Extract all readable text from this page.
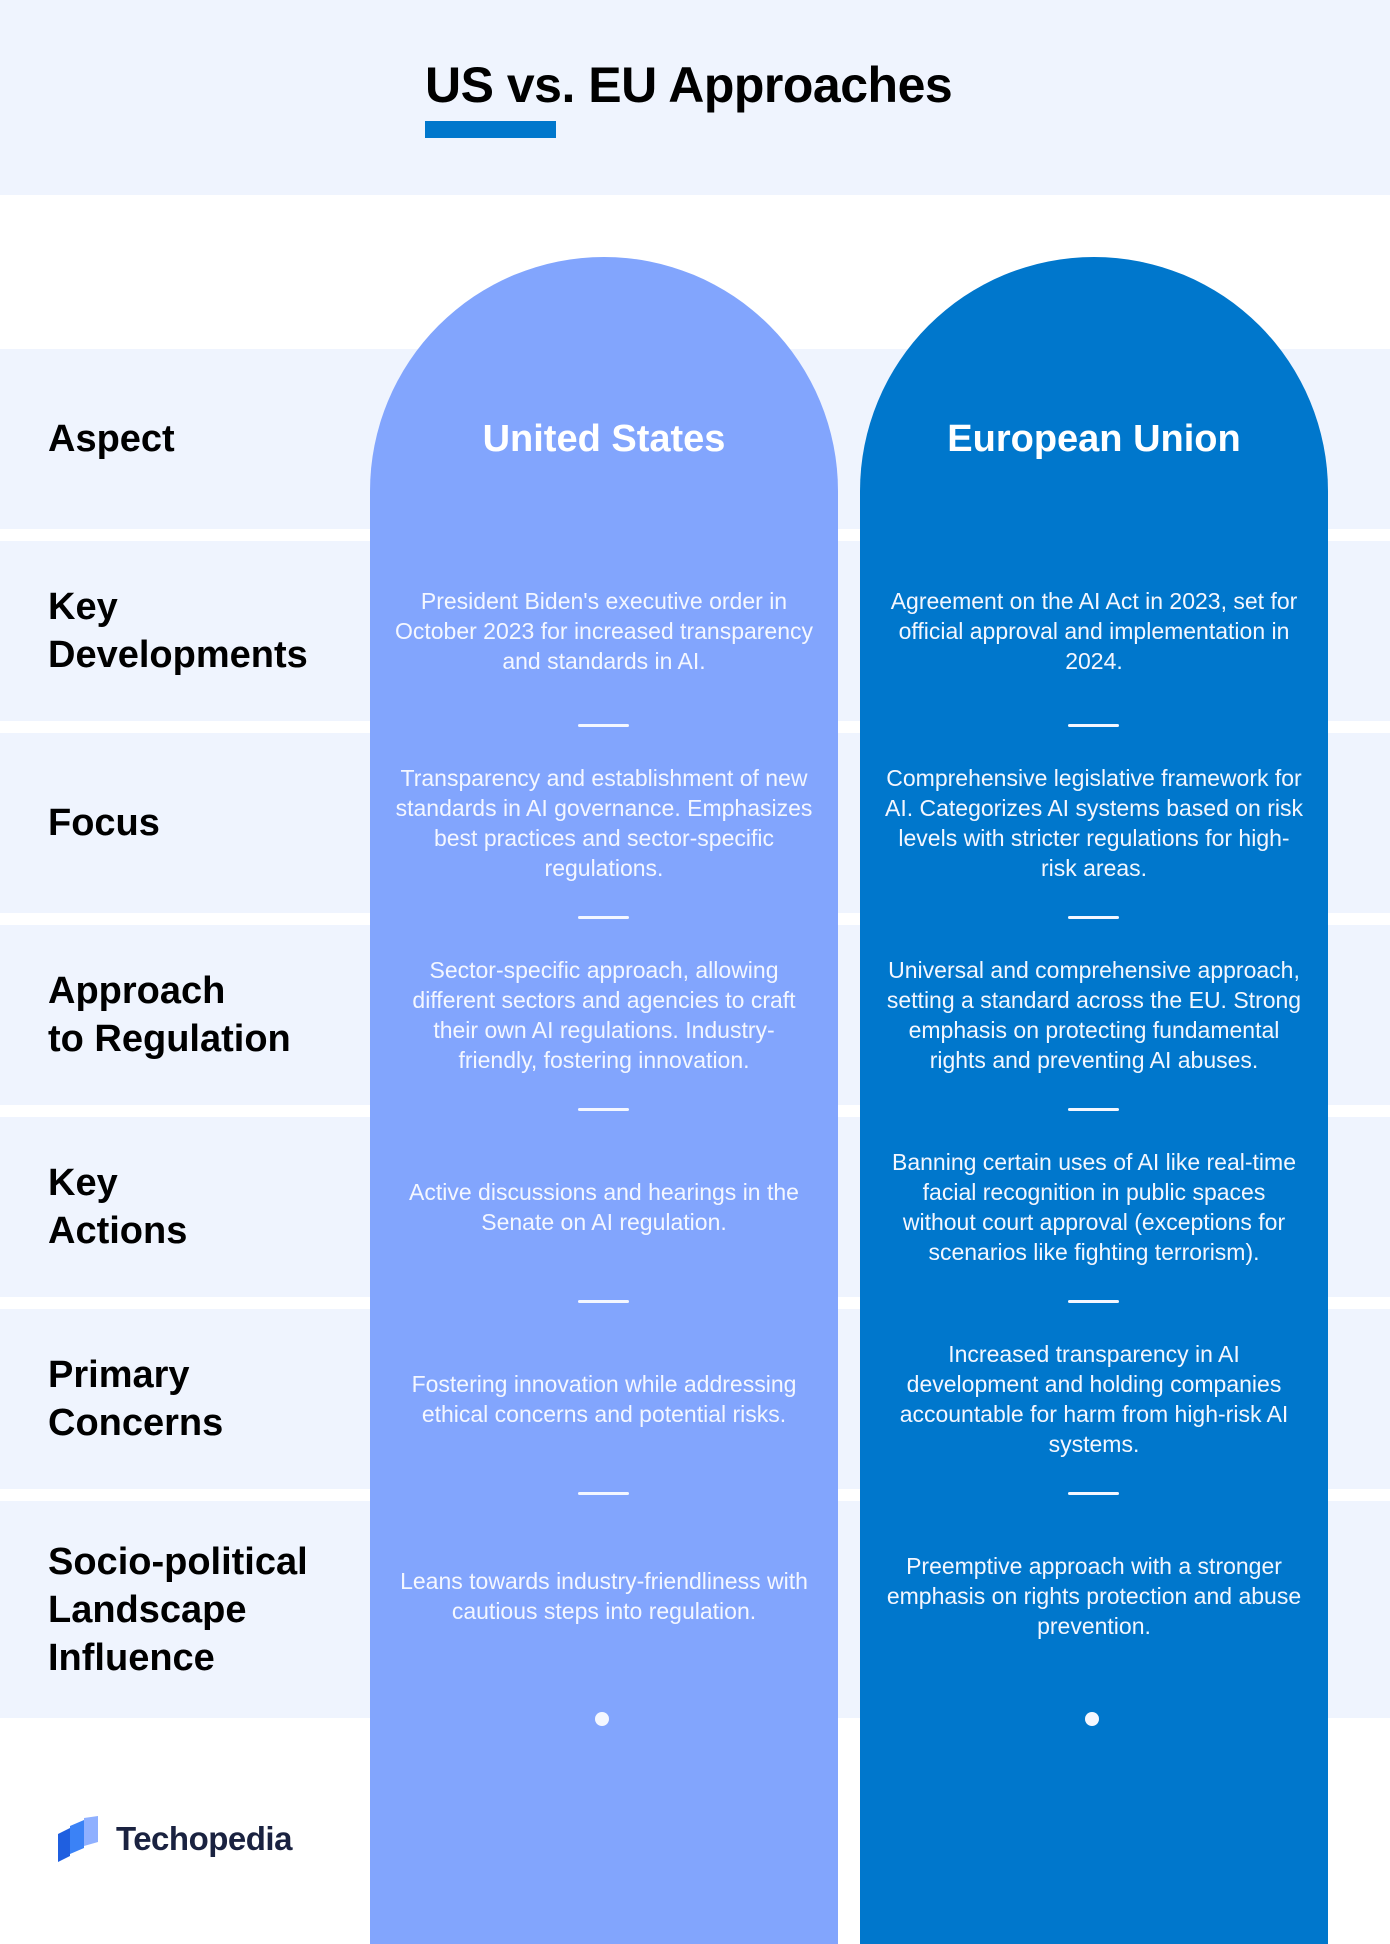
US vs. EU Approaches
Aspect	United States	European Union
Key
Developments
President Biden's executive order in October 2023 for increased transparency and standards in AI.
Agreement on the AI Act in 2023, set for official approval and implementation in 2024.
Focus
Transparency and establishment of new standards in AI governance. Emphasizes best practices and sector-specific regulations.
Comprehensive legislative framework for AI. Categorizes AI systems based on risk levels with stricter regulations for high-risk areas.
Approach
to Regulation
Sector-specific approach, allowing different sectors and agencies to craft their own AI regulations. Industry-friendly, fostering innovation.
Universal and comprehensive approach, setting a standard across the EU. Strong emphasis on protecting fundamental rights and preventing AI abuses.
Key
Actions
Active discussions and hearings in the Senate on AI regulation.
Banning certain uses of AI like real-time facial recognition in public spaces without court approval (exceptions for scenarios like fighting terrorism).
Primary
Concerns
Fostering innovation while addressing ethical concerns and potential risks.
Increased transparency in AI development and holding companies accountable for harm from high-risk AI systems.
Socio-political
Landscape
Influence
Leans towards industry-friendliness with cautious steps into regulation.
Preemptive approach with a stronger emphasis on rights protection and abuse prevention.
Techopedia
